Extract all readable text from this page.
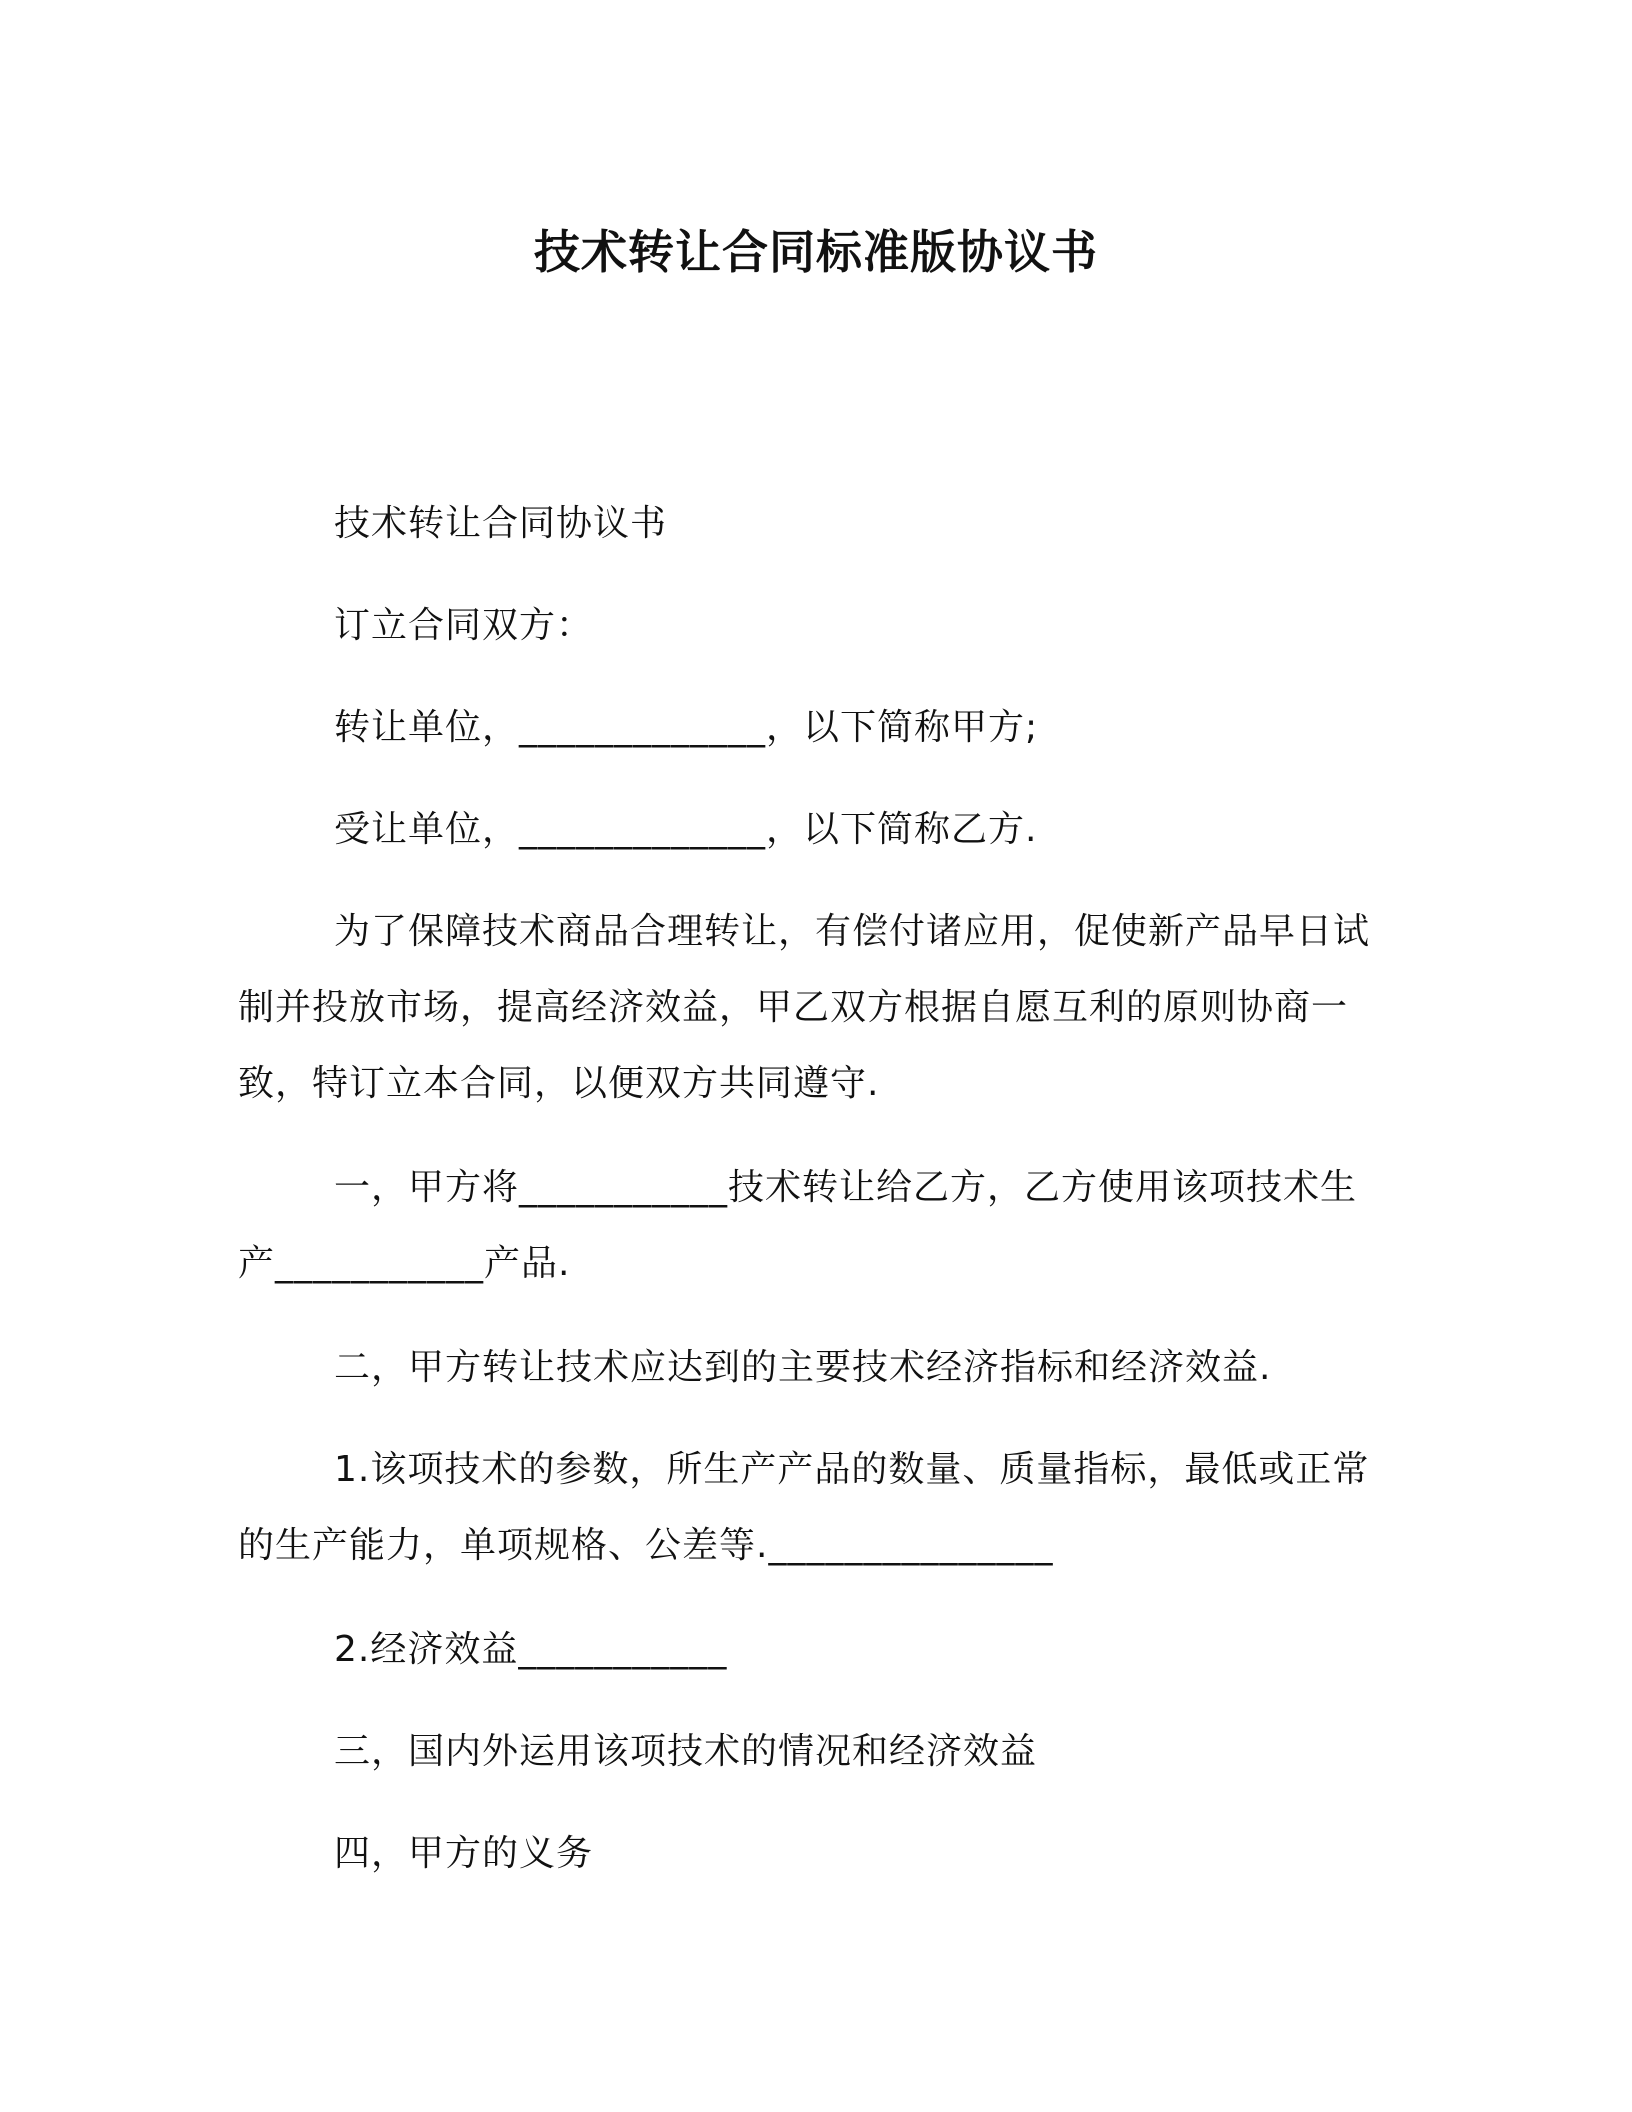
技术转让合同标准版协议书

技术转让合同协议书

订立合同双方：

转让单位，_____________，以下简称甲方;

受让单位，_____________，以下简称乙方.

为了保障技术商品合理转让，有偿付诸应用，促使新产品早日试制并投放市场，提高经济效益，甲乙双方根据自愿互利的原则协商一致，特订立本合同，以便双方共同遵守.

一，甲方将___________技术转让给乙方，乙方使用该项技术生产___________产品.

二，甲方转让技术应达到的主要技术经济指标和经济效益.

1.该项技术的参数，所生产产品的数量、质量指标，最低或正常的生产能力，单项规格、公差等._______________

2.经济效益___________

三，国内外运用该项技术的情况和经济效益

四，甲方的义务
